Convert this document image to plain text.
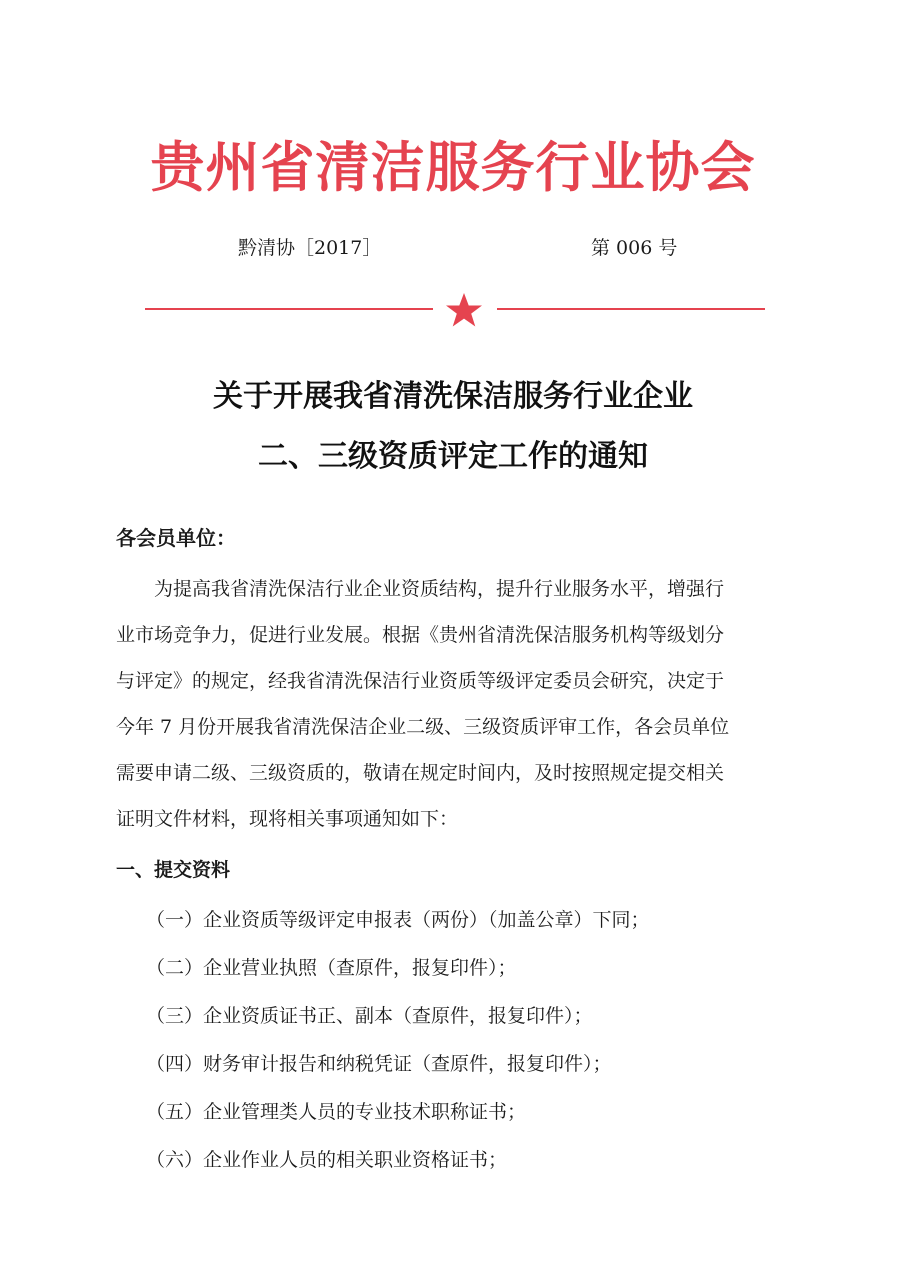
贵州省清洁服务行业协会
黔清协［2017］	第 006 号
关于开展我省清洗保洁服务行业企业
二、三级资质评定工作的通知
各会员单位：
　　为提高我省清洗保洁行业企业资质结构，提升行业服务水平，增强行
业市场竞争力，促进行业发展。根据《贵州省清洗保洁服务机构等级划分
与评定》的规定，经我省清洗保洁行业资质等级评定委员会研究，决定于
今年 7 月份开展我省清洗保洁企业二级、三级资质评审工作，各会员单位
需要申请二级、三级资质的，敬请在规定时间内，及时按照规定提交相关
证明文件材料，现将相关事项通知如下：
一、提交资料
（一）企业资质等级评定申报表（两份）（加盖公章）下同；
（二）企业营业执照（查原件，报复印件）；
（三）企业资质证书正、副本（查原件，报复印件）；
（四）财务审计报告和纳税凭证（查原件，报复印件）；
（五）企业管理类人员的专业技术职称证书；
（六）企业作业人员的相关职业资格证书；
